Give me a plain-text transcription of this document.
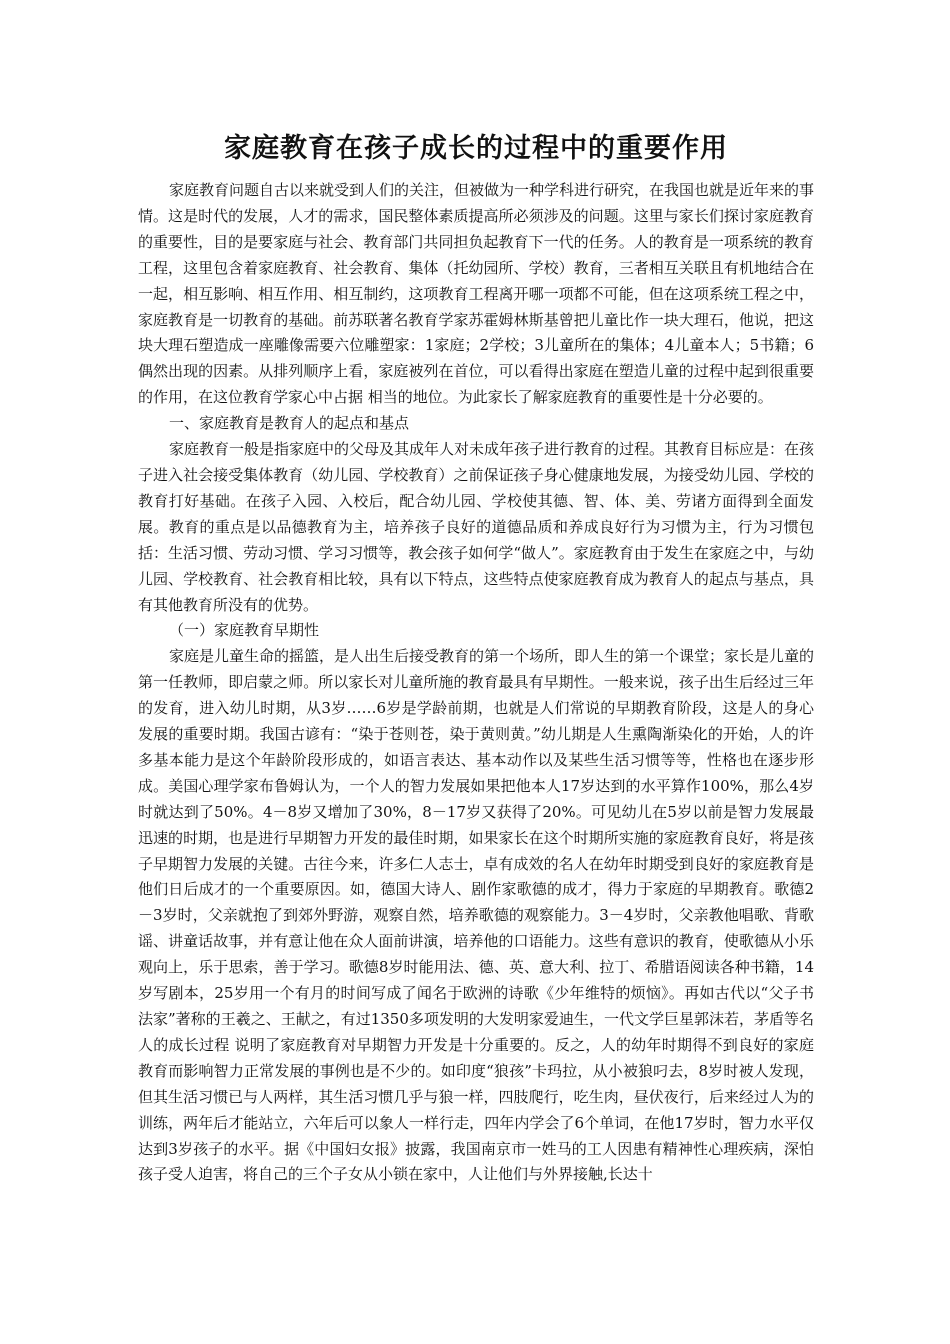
家庭教育在孩子成长的过程中的重要作用

家庭教育问题自古以来就受到人们的关注，但被做为一种学科进行研究，在我国也就是近年来的事情。这是时代的发展，人才的需求，国民整体素质提高所必须涉及的问题。这里与家长们探讨家庭教育的重要性，目的是要家庭与社会、教育部门共同担负起教育下一代的任务。人的教育是一项系统的教育工程，这里包含着家庭教育、社会教育、集体（托幼园所、学校）教育，三者相互关联且有机地结合在一起，相互影响、相互作用、相互制约，这项教育工程离开哪一项都不可能，但在这项系统工程之中，家庭教育是一切教育的基础。前苏联著名教育学家苏霍姆林斯基曾把儿童比作一块大理石，他说，把这块大理石塑造成一座雕像需要六位雕塑家：1家庭；2学校；3儿童所在的集体；4儿童本人；5书籍；6偶然出现的因素。从排列顺序上看，家庭被列在首位，可以看得出家庭在塑造儿童的过程中起到很重要的作用，在这位教育学家心中占据 相当的地位。为此家长了解家庭教育的重要性是十分必要的。

一、家庭教育是教育人的起点和基点

家庭教育一般是指家庭中的父母及其成年人对未成年孩子进行教育的过程。其教育目标应是：在孩子进入社会接受集体教育（幼儿园、学校教育）之前保证孩子身心健康地发展，为接受幼儿园、学校的教育打好基础。在孩子入园、入校后，配合幼儿园、学校使其德、智、体、美、劳诸方面得到全面发展。教育的重点是以品德教育为主，培养孩子良好的道德品质和养成良好行为习惯为主，行为习惯包括：生活习惯、劳动习惯、学习习惯等，教会孩子如何学“做人”。家庭教育由于发生在家庭之中，与幼儿园、学校教育、社会教育相比较，具有以下特点，这些特点使家庭教育成为教育人的起点与基点，具有其他教育所没有的优势。

（一）家庭教育早期性

家庭是儿童生命的摇篮，是人出生后接受教育的第一个场所，即人生的第一个课堂；家长是儿童的第一任教师，即启蒙之师。所以家长对儿童所施的教育最具有早期性。一般来说，孩子出生后经过三年的发育，进入幼儿时期，从3岁……6岁是学龄前期，也就是人们常说的早期教育阶段，这是人的身心发展的重要时期。我国古谚有：“染于苍则苍，染于黄则黄。”幼儿期是人生熏陶渐染化的开始，人的许多基本能力是这个年龄阶段形成的，如语言表达、基本动作以及某些生活习惯等等，性格也在逐步形成。美国心理学家布鲁姆认为，一个人的智力发展如果把他本人17岁达到的水平算作100%，那么4岁时就达到了50%。4－8岁又增加了30%，8－17岁又获得了20%。可见幼儿在5岁以前是智力发展最迅速的时期，也是进行早期智力开发的最佳时期，如果家长在这个时期所实施的家庭教育良好，将是孩子早期智力发展的关键。古往今来，许多仁人志士，卓有成效的名人在幼年时期受到良好的家庭教育是他们日后成才的一个重要原因。如，德国大诗人、剧作家歌德的成才，得力于家庭的早期教育。歌德2－3岁时，父亲就抱了到郊外野游，观察自然，培养歌德的观察能力。3－4岁时，父亲教他唱歌、背歌谣、讲童话故事，并有意让他在众人面前讲演，培养他的口语能力。这些有意识的教育，使歌德从小乐观向上，乐于思索，善于学习。歌德8岁时能用法、德、英、意大利、拉丁、希腊语阅读各种书籍，14岁写剧本，25岁用一个有月的时间写成了闻名于欧洲的诗歌《少年维特的烦恼》。再如古代以“父子书法家”著称的王羲之、王献之，有过1350多项发明的大发明家爱迪生，一代文学巨星郭沫若，茅盾等名人的成长过程 说明了家庭教育对早期智力开发是十分重要的。反之，人的幼年时期得不到良好的家庭教育而影响智力正常发展的事例也是不少的。如印度“狼孩”卡玛拉，从小被狼叼去，8岁时被人发现，但其生活习惯已与人两样，其生活习惯几乎与狼一样，四肢爬行，吃生肉，昼伏夜行，后来经过人为的训练，两年后才能站立，六年后可以象人一样行走，四年内学会了6个单词，在他17岁时，智力水平仅达到3岁孩子的水平。据《中国妇女报》披露，我国南京市一姓马的工人因患有精神性心理疾病，深怕孩子受人迫害，将自己的三个子女从小锁在家中，人让他们与外界接触,长达十
